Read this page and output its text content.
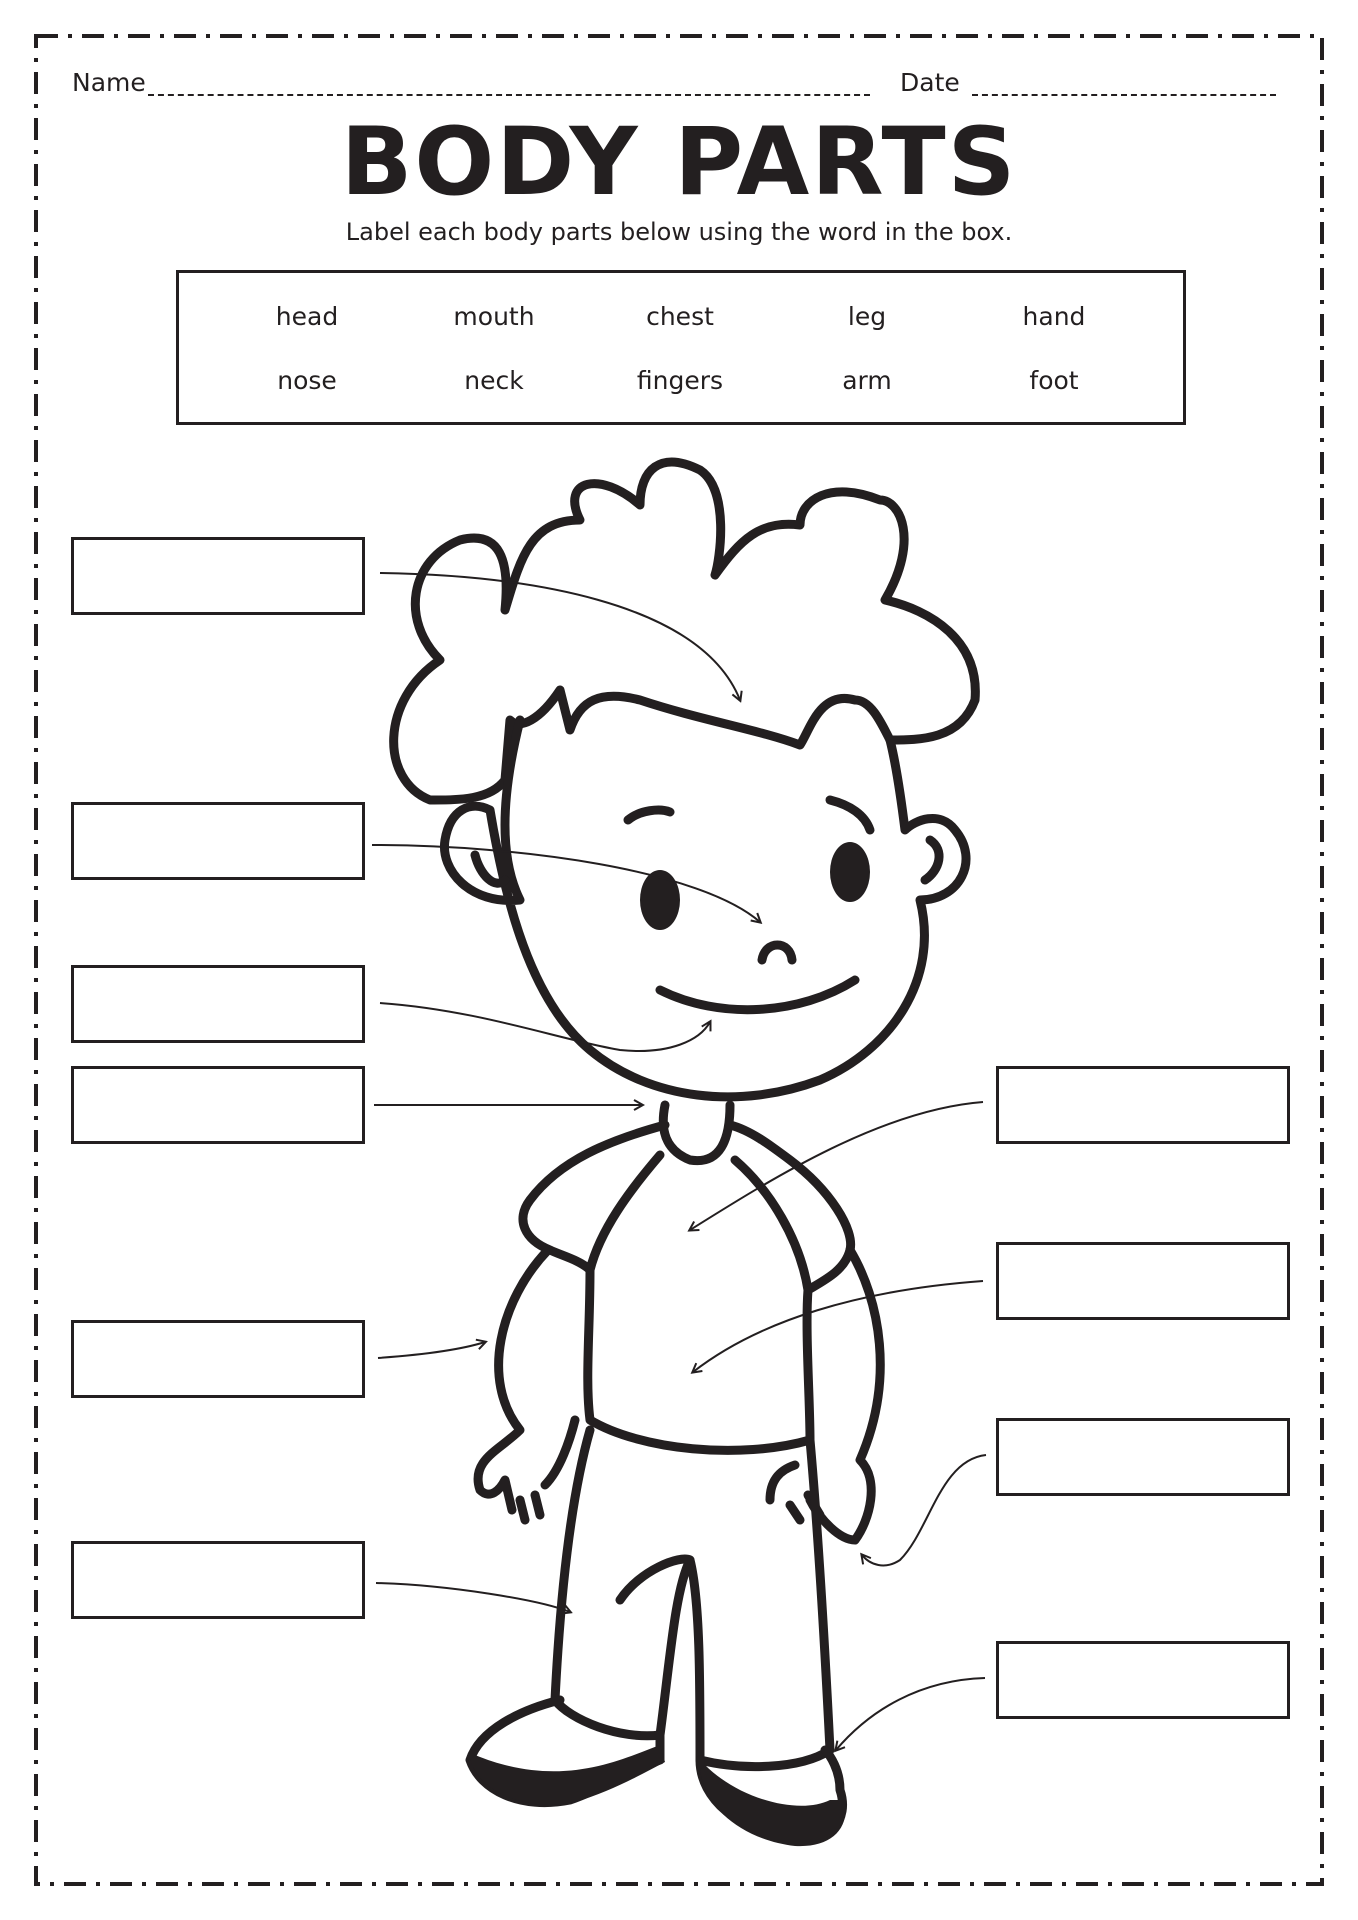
Name	Date
BODY PARTS
Label each body parts below using the word in the box.
head	mouth	chest	leg	hand
nose	neck	fingers	arm	foot
